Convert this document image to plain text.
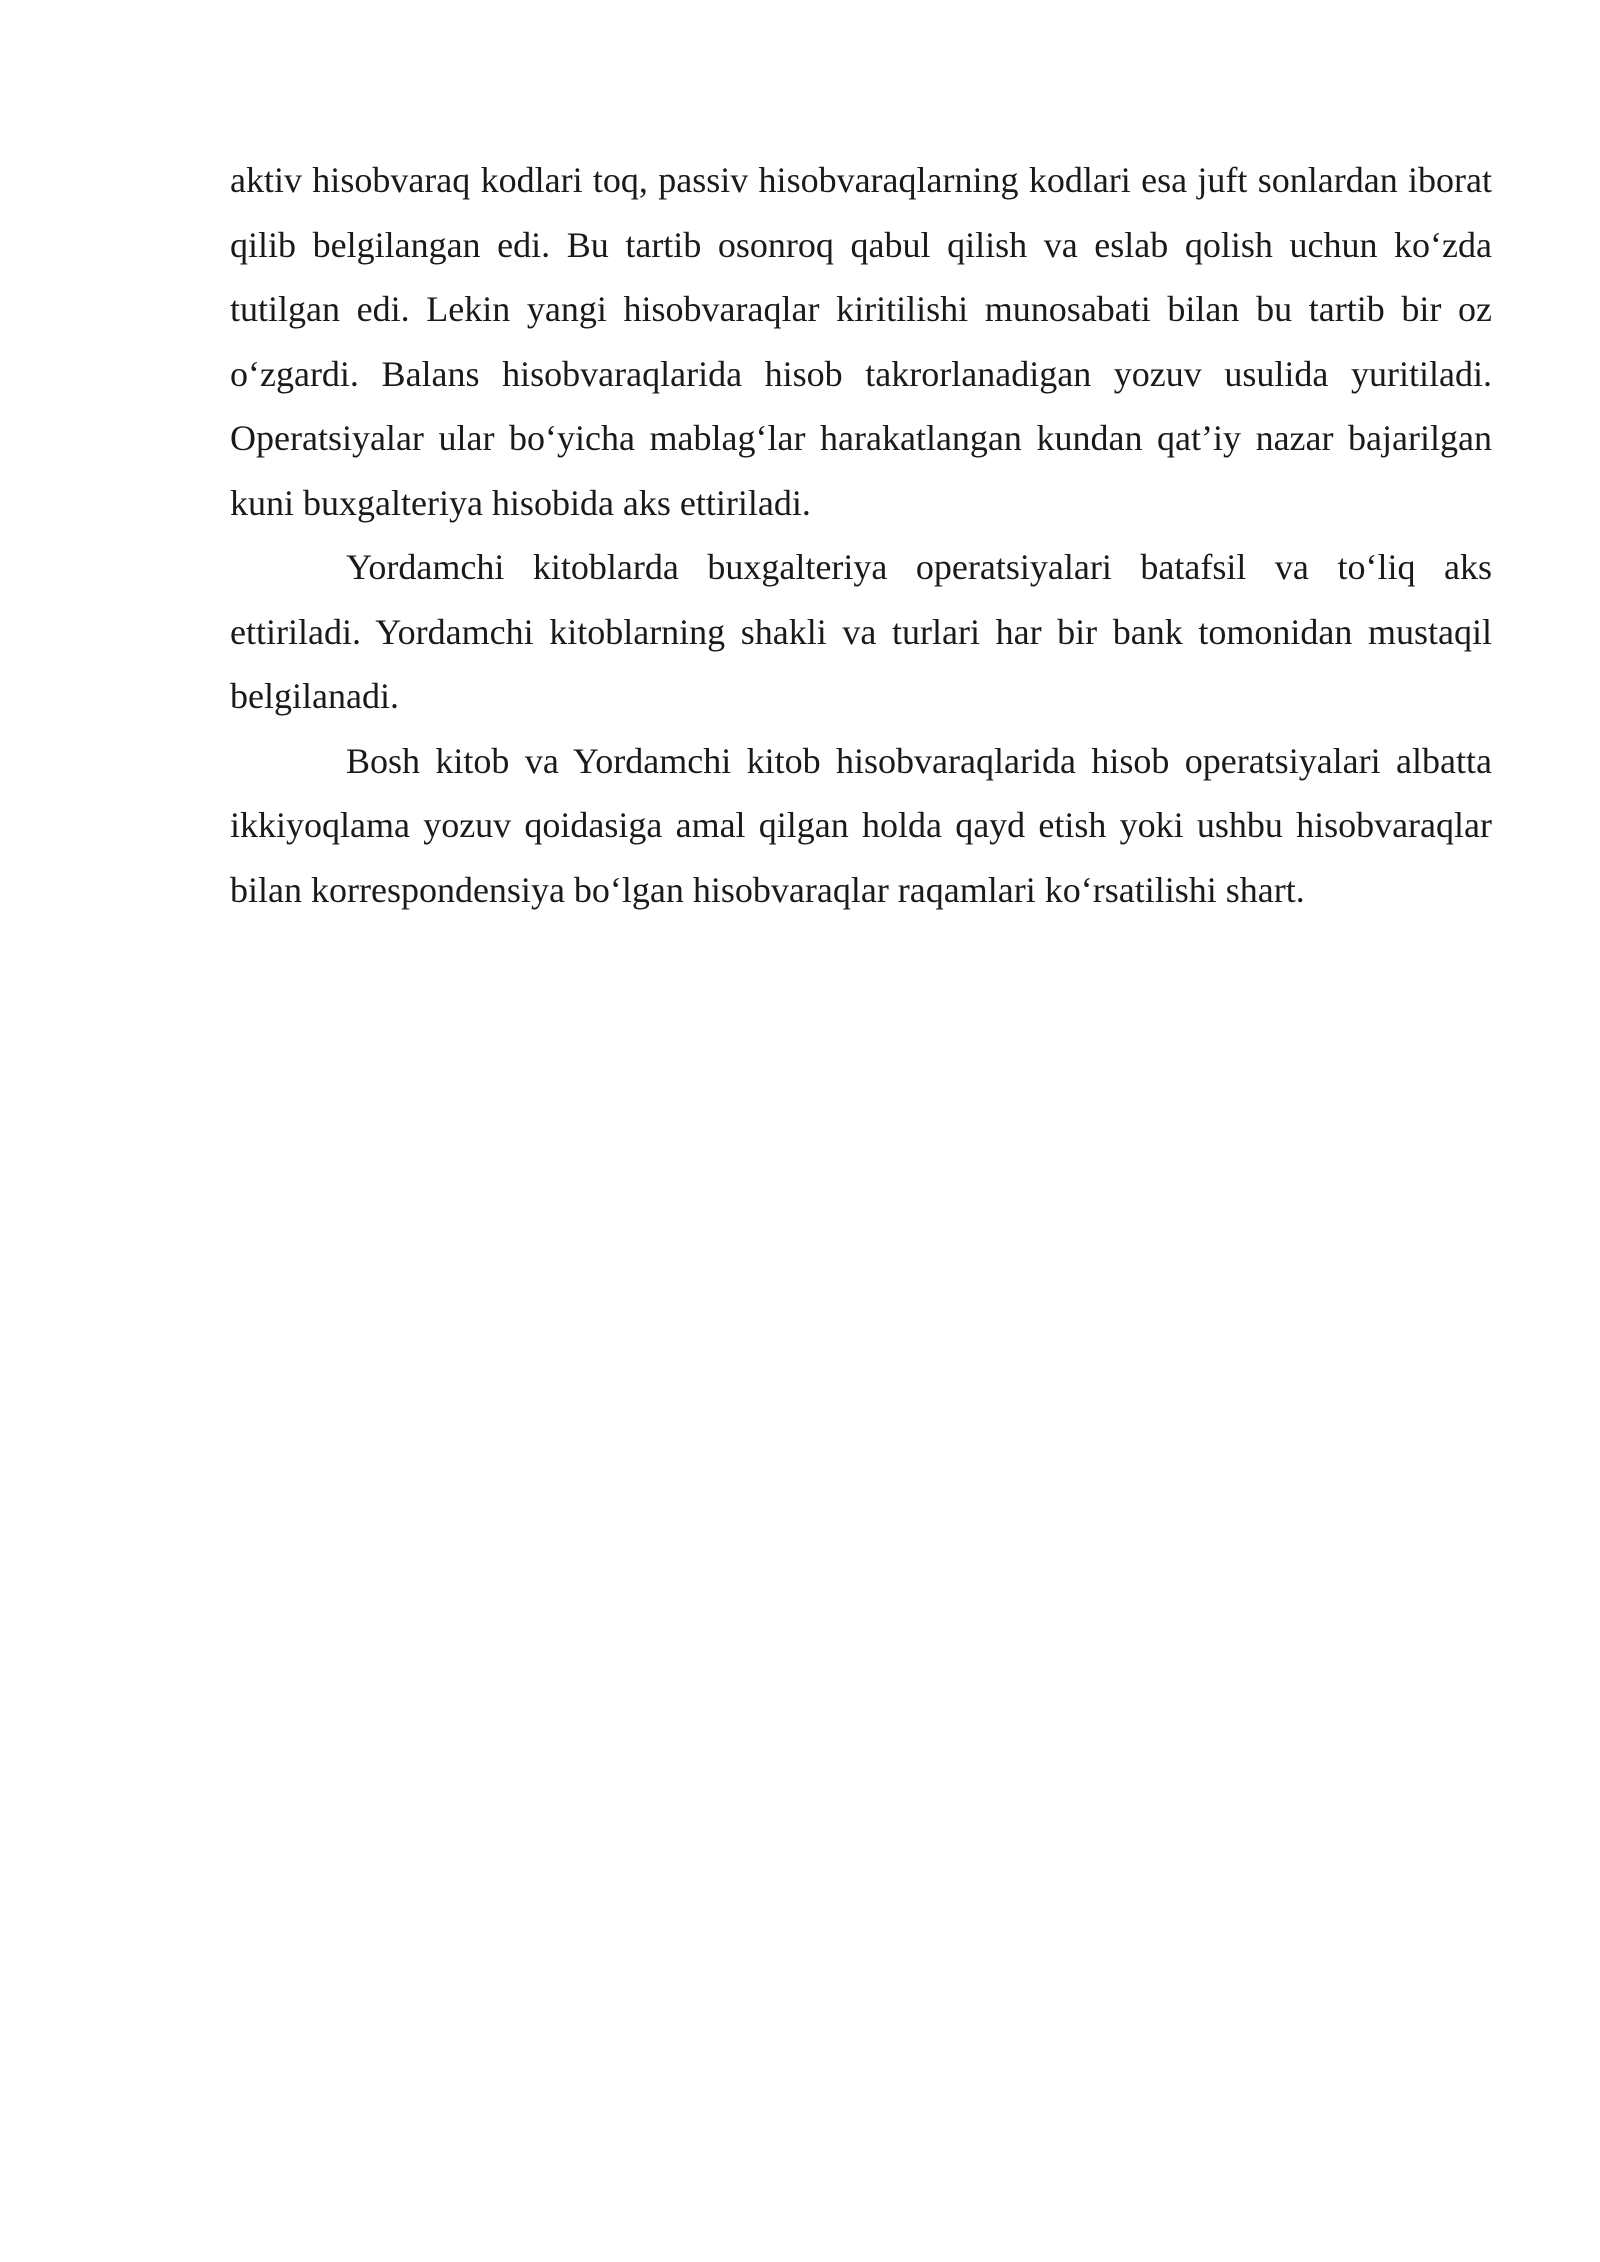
aktiv hisobvaraq kodlari toq, passiv hisobvaraqlarning kodlari esa juft sonlardan iborat qilib belgilangan edi. Bu tartib osonroq qabul qilish va eslab qolish uchun ko‘zda tutilgan edi. Lekin yangi hisobvaraqlar kiritilishi munosabati bilan bu tartib bir oz o‘zgardi. Balans hisobvaraqlarida hisob takrorlanadigan yozuv usulida yuritiladi. Operatsiyalar ular bo‘yicha mablag‘lar harakatlangan kundan qat’iy nazar bajarilgan kuni buxgalteriya hisobida aks ettiriladi.

Yordamchi kitoblarda buxgalteriya operatsiyalari batafsil va to‘liq aks ettiriladi. Yordamchi kitoblarning shakli va turlari har bir bank tomonidan mustaqil belgilanadi.

Bosh kitob va Yordamchi kitob hisobvaraqlarida hisob operatsiyalari albatta ikkiyoqlama yozuv qoidasiga amal qilgan holda qayd etish yoki ushbu hisobvaraqlar bilan korrespondensiya bo‘lgan hisobvaraqlar raqamlari ko‘rsatilishi shart.
